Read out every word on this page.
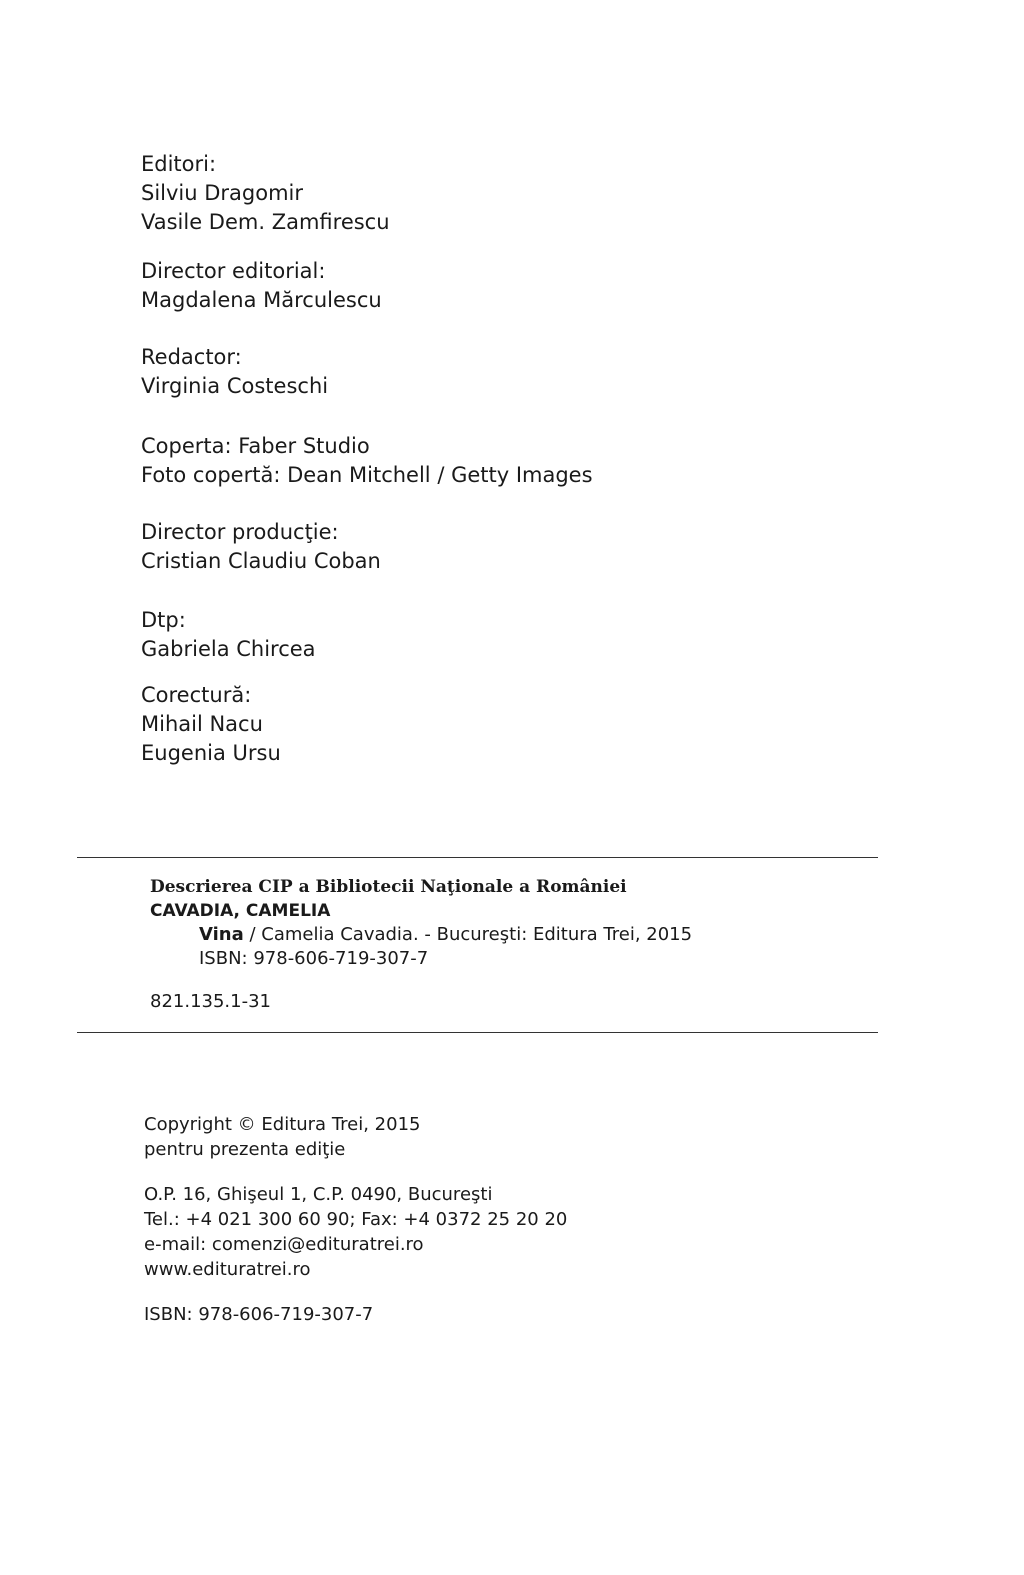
Editori:
Silviu Dragomir
Vasile Dem. Zamfirescu
Director editorial:
Magdalena Mărculescu
Redactor:
Virginia Costeschi
Coperta: Faber Studio
Foto copertă: Dean Mitchell / Getty Images
Director producţie:
Cristian Claudiu Coban
Dtp:
Gabriela Chircea
Corectură:
Mihail Nacu
Eugenia Ursu
Descrierea CIP a Bibliotecii Naţionale a României
CAVADIA, CAMELIA
Vina / Camelia Cavadia. - Bucureşti: Editura Trei, 2015
ISBN: 978-606-719-307-7
821.135.1-31
Copyright © Editura Trei, 2015
pentru prezenta ediţie
O.P. 16, Ghişeul 1, C.P. 0490, Bucureşti
Tel.: +4 021 300 60 90; Fax: +4 0372 25 20 20
e-mail: comenzi@edituratrei.ro
www.edituratrei.ro
ISBN: 978-606-719-307-7
